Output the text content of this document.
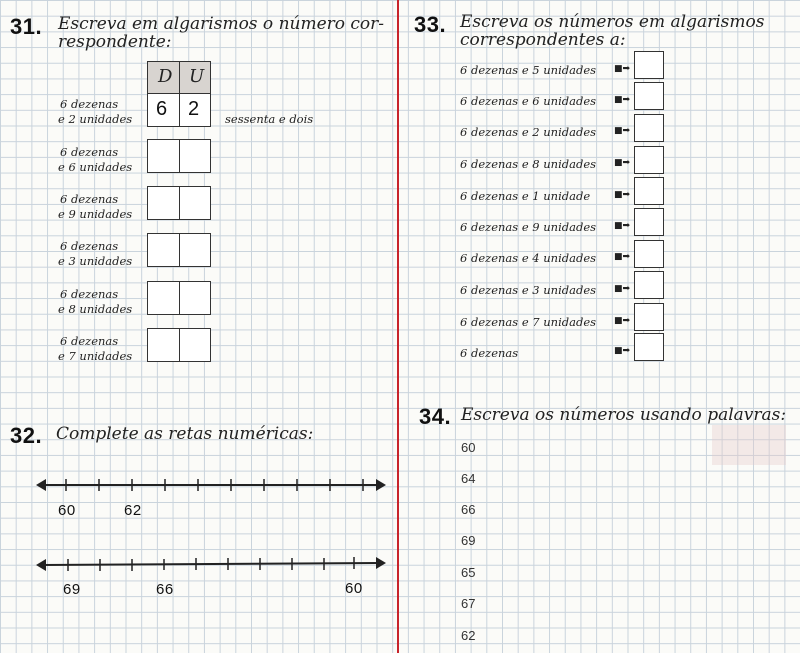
31. Escreva em algarismos o número cor-
respondente:
D U
6 2
6 dezenas
e 2 unidades	sessenta e dois
6 dezenas
e 6 unidades
6 dezenas
e 9 unidades
6 dezenas
e 3 unidades
6 dezenas
e 8 unidades
6 dezenas
e 7 unidades
32. Complete as retas numéricas:
60	62
69	66	60
33. Escreva os números em algarismos
correspondentes a:
6 dezenas e 5 unidades ■➡
6 dezenas e 6 unidades ■➡
6 dezenas e 2 unidades ■➡
6 dezenas e 8 unidades ■➡
6 dezenas e 1 unidade	■➡
6 dezenas e 9 unidades ■➡
6 dezenas e 4 unidades ■➡
6 dezenas e 3 unidades ■➡
6 dezenas e 7 unidades ■➡
6 dezenas	■➡
34. Escreva os números usando palavras:
60
64
66
69
65
67
62
